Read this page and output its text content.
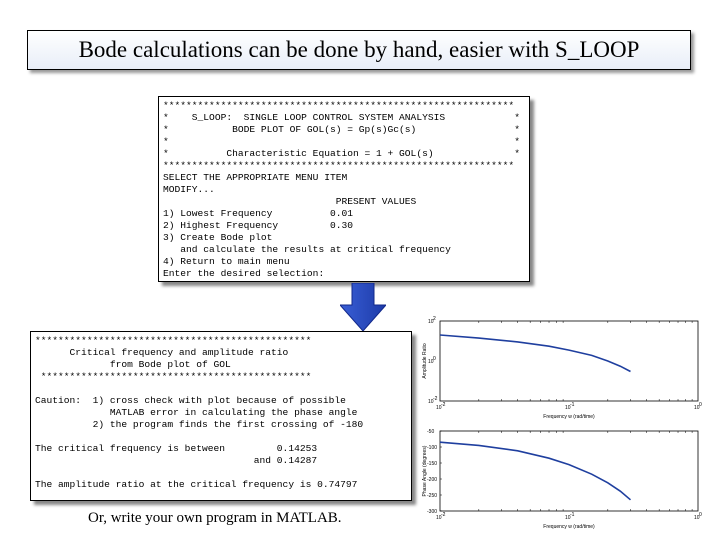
Bode calculations can be done by hand, easier with S_LOOP
*************************************************************
*    S_LOOP:  SINGLE LOOP CONTROL SYSTEM ANALYSIS            *
*           BODE PLOT OF GOL(s) = Gp(s)Gc(s)                 *
*                                                            *
*          Characteristic Equation = 1 + GOL(s)              *
*************************************************************
SELECT THE APPROPRIATE MENU ITEM
MODIFY...
PRESENT VALUES
1) Lowest Frequency          0.01
2) Highest Frequency         0.30
3) Create Bode plot
and calculate the results at critical frequency
4) Return to main menu
Enter the desired selection:
************************************************
Critical frequency and amplitude ratio
from Bode plot of GOL
***********************************************

Caution:  1) cross check with plot because of possible
MATLAB error in calculating the phase angle
2) the program finds the first crossing of -180

The critical frequency is between         0.14253
and 0.14287

The amplitude ratio at the critical frequency is 0.74797
Or, write your own program in MATLAB.
10 -2	10 -1	10 0
10 2
10 0
10 -2
Amplitude Ratio
Frequency w (rad/time)
10 -2	10 -1	10 0
-50
-100
-150
-200
-250
-300
Phase Angle (degrees)
Frequency w (rad/time)
